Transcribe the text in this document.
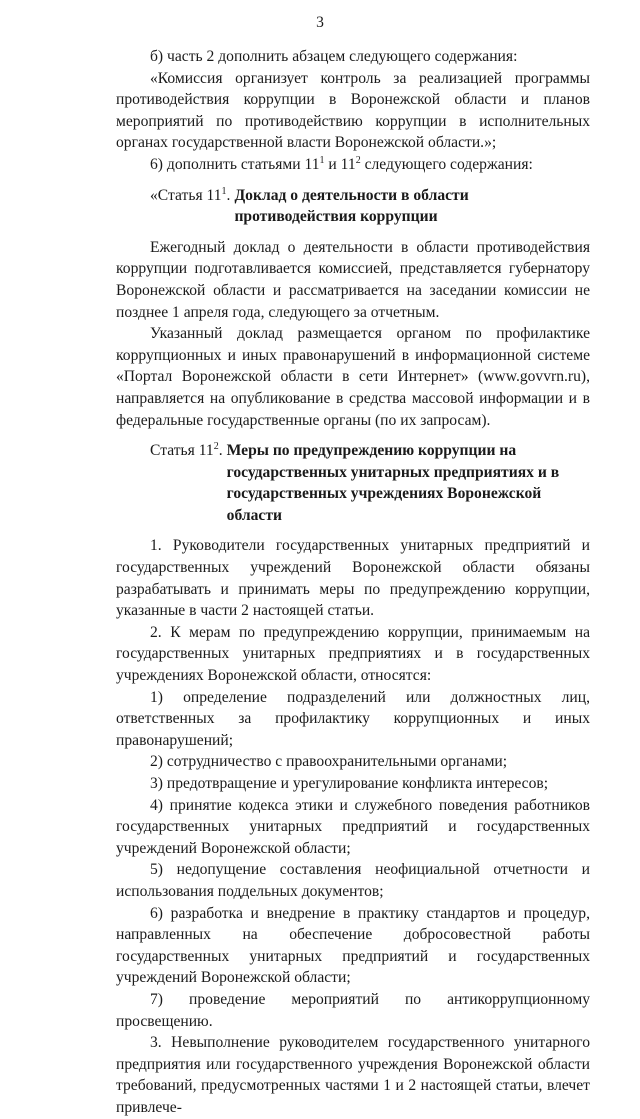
3

б) часть 2 дополнить абзацем следующего содержания:

«Комиссия организует контроль за реализацией программы противодействия коррупции в Воронежской области и планов мероприятий по противодействию коррупции в исполнительных органах государственной власти Воронежской области.»;

6) дополнить статьями $11^1$ и $11^2$ следующего содержания:

«Статья $11^1$. Доклад о деятельности в области противодействия коррупции

Ежегодный доклад о деятельности в области противодействия коррупции подготавливается комиссией, представляется губернатору Воронежской области и рассматривается на заседании комиссии не позднее 1 апреля года, следующего за отчетным.

Указанный доклад размещается органом по профилактике коррупционных и иных правонарушений в информационной системе «Портал Воронежской области в сети Интернет» (www.govvrn.ru), направляется на опубликование в средства массовой информации и в федеральные государственные органы (по их запросам).

Статья $11^2$. Меры по предупреждению коррупции на государственных унитарных предприятиях и в государственных учреждениях Воронежской области

1. Руководители государственных унитарных предприятий и государственных учреждений Воронежской области обязаны разрабатывать и принимать меры по предупреждению коррупции, указанные в части 2 настоящей статьи.

2. К мерам по предупреждению коррупции, принимаемым на государственных унитарных предприятиях и в государственных учреждениях Воронежской области, относятся:

1) определение подразделений или должностных лиц, ответственных за профилактику коррупционных и иных правонарушений;

2) сотрудничество с правоохранительными органами;

3) предотвращение и урегулирование конфликта интересов;

4) принятие кодекса этики и служебного поведения работников государственных унитарных предприятий и государственных учреждений Воронежской области;

5) недопущение составления неофициальной отчетности и использования поддельных документов;

6) разработка и внедрение в практику стандартов и процедур, направленных на обеспечение добросовестной работы государственных унитарных предприятий и государственных учреждений Воронежской области;

7) проведение мероприятий по антикоррупционному просвещению.

3. Невыполнение руководителем государственного унитарного предприятия или государственного учреждения Воронежской области требований, предусмотренных частями 1 и 2 настоящей статьи, влечет привлече-
